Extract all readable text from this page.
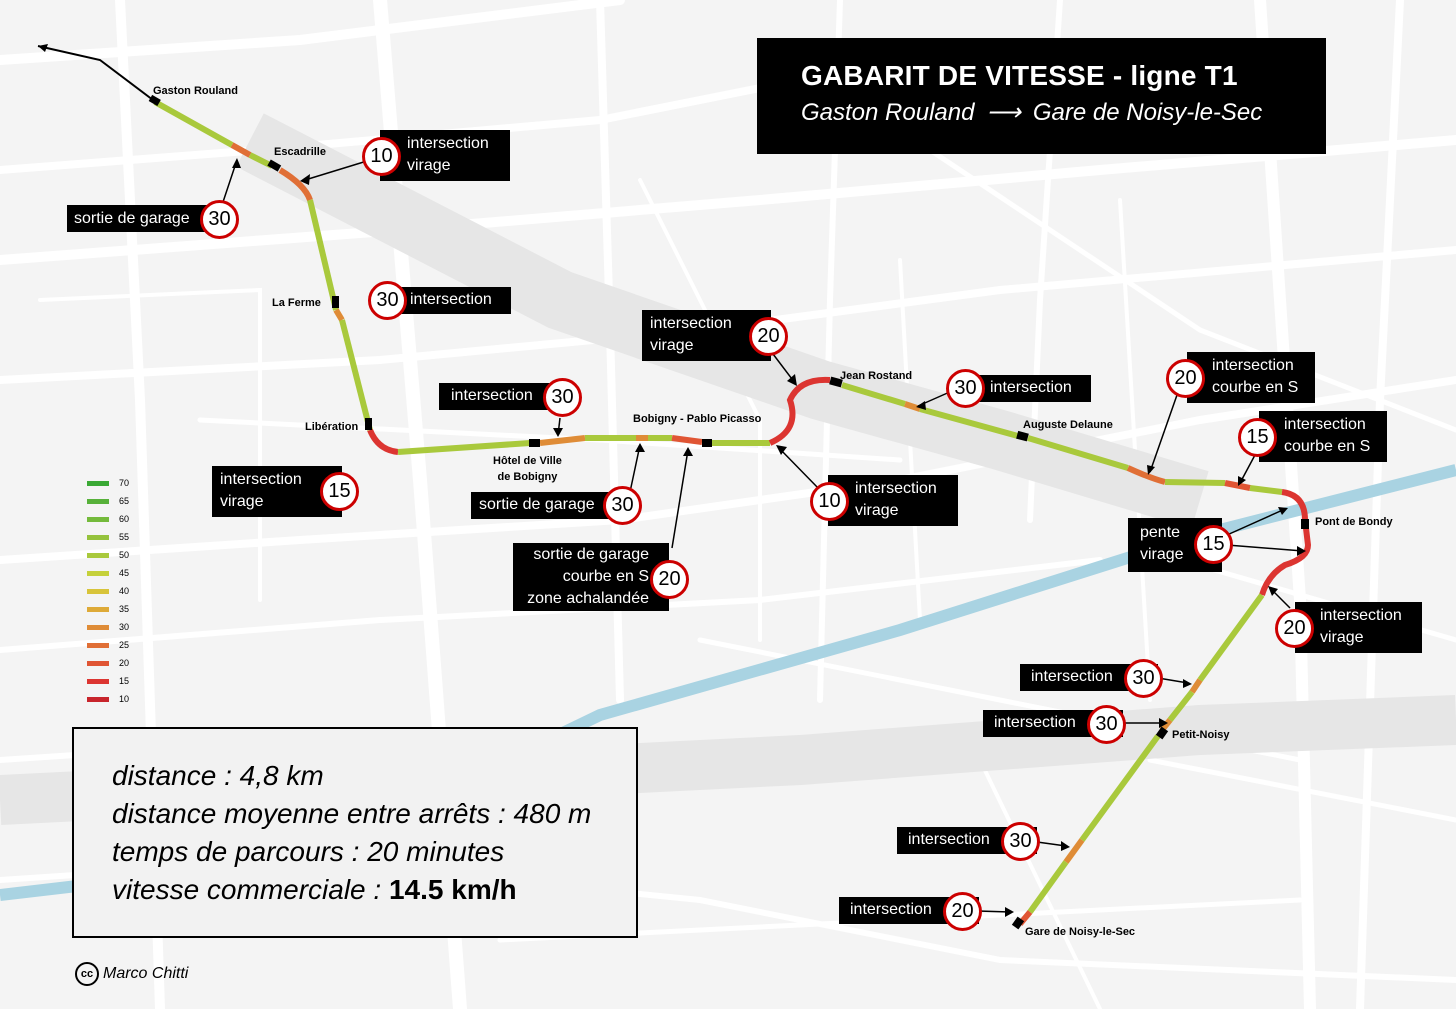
GABARIT DE VITESSE - ligne T1
Gaston Rouland ⟶ Gare de Noisy-le-Sec
Gaston Rouland
Escadrille
La Ferme
Libération
Hôtel de Ville
de Bobigny
Bobigny - Pablo Picasso
Jean Rostand
Auguste Delaune
Pont de Bondy
Petit-Noisy
Gare de Noisy-le-Sec
intersection
virage
10
sortie de garage 30
intersection
30
intersection
virage	15
intersection 30
sortie de garage 30
sortie de garage
courbe en S
zone achalandée
20
intersection
virage	20
intersection
virage
10
intersection
30
intersection
courbe en S
20
intersection
courbe en S
15
pente
virage 15
intersection
virage
20
intersection 30
intersection 30
intersection 30
intersection 20
70
65
60
55
50
45
40
35
30
25
20
15
10
distance : 4,8 km
distance moyenne entre arrêts : 480 m
temps de parcours : 20 minutes
vitesse commerciale : 14.5 km/h
cc Marco Chitti
